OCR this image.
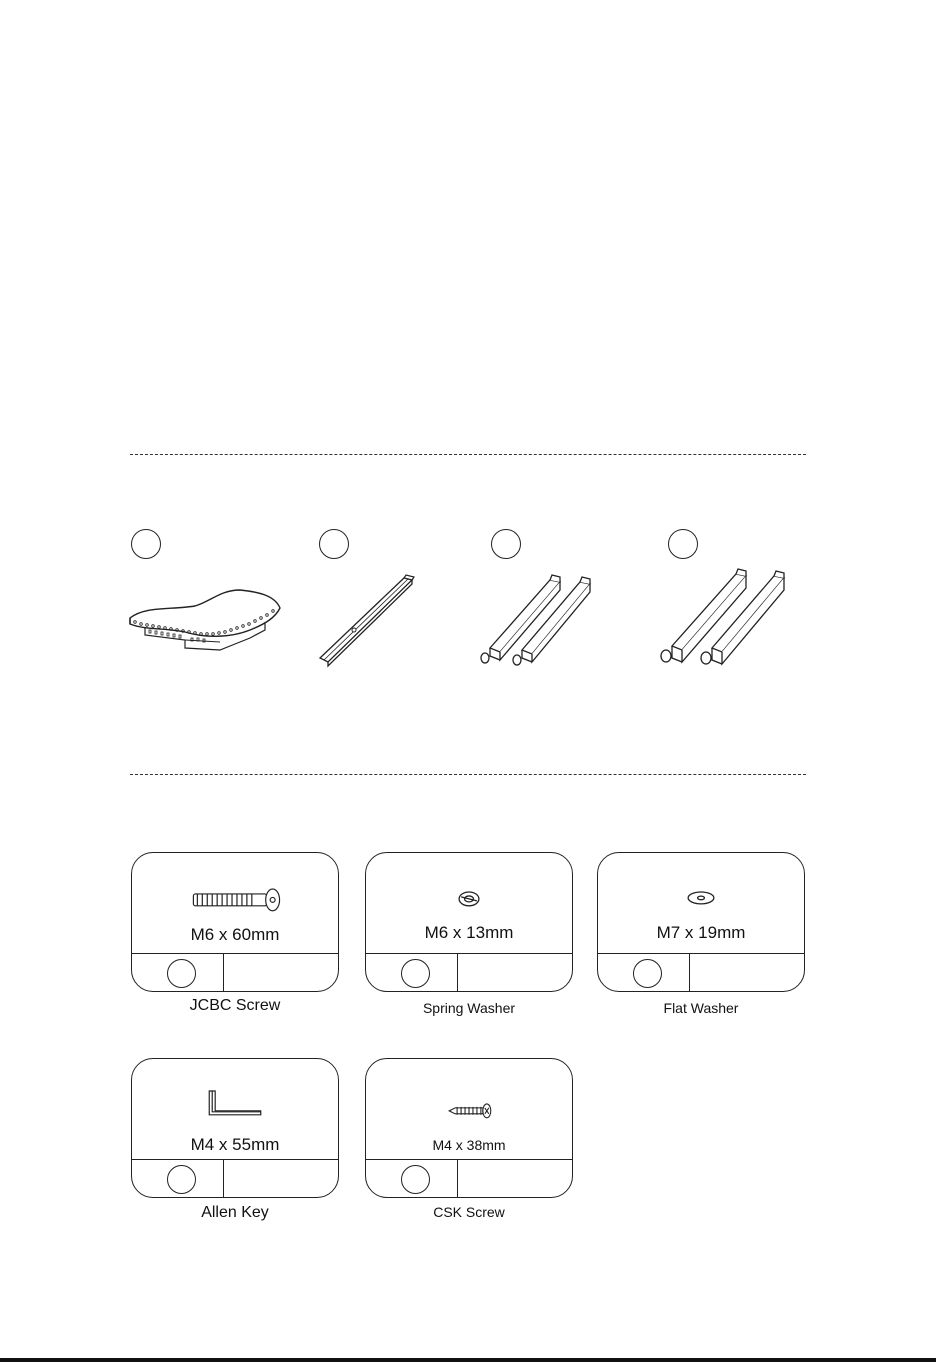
M6 x 60mm
JCBC Screw
M6 x 13mm
Spring Washer
M7 x 19mm
Flat Washer
M4 x 55mm
Allen Key
M4 x 38mm
CSK Screw
